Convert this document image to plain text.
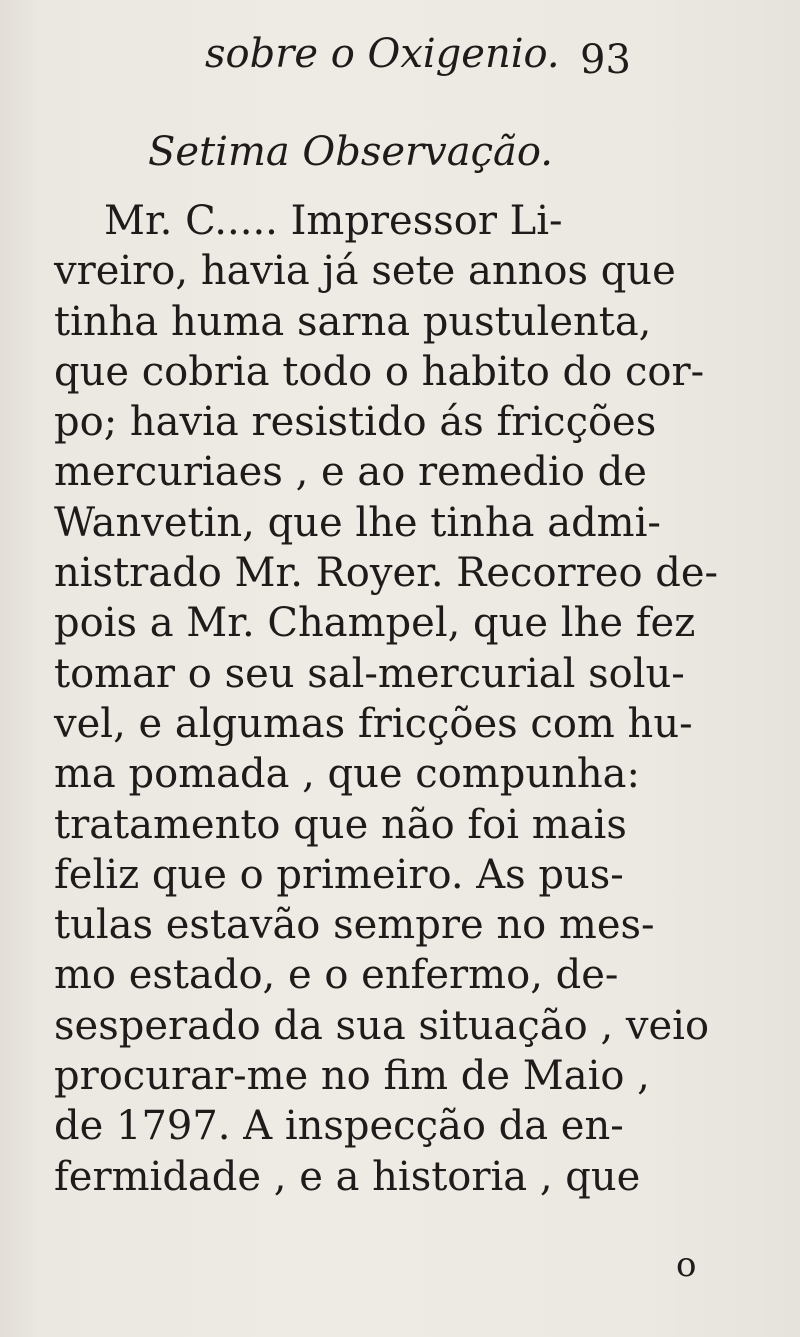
sobre o Oxigenio. 93
Setima Observação.
Mr. C..... Impressor Li-
vreiro, havia já sete annos que
tinha huma sarna pustulenta,
que cobria todo o habito do cor-
po; havia resistido ás fricções
mercuriaes , e ao remedio de
Wanvetin, que lhe tinha admi-
nistrado Mr. Royer. Recorreo de-
pois a Mr. Champel, que lhe fez
tomar o seu sal-mercurial solu-
vel, e algumas fricções com hu-
ma pomada , que compunha:
tratamento que não foi mais
feliz que o primeiro. As pus-
tulas estavão sempre no mes-
mo estado, e o enfermo, de-
sesperado da sua situação , veio
procurar-me no fim de Maio ,
de 1797. A inspecção da en-
fermidade , e a historia , que
o
